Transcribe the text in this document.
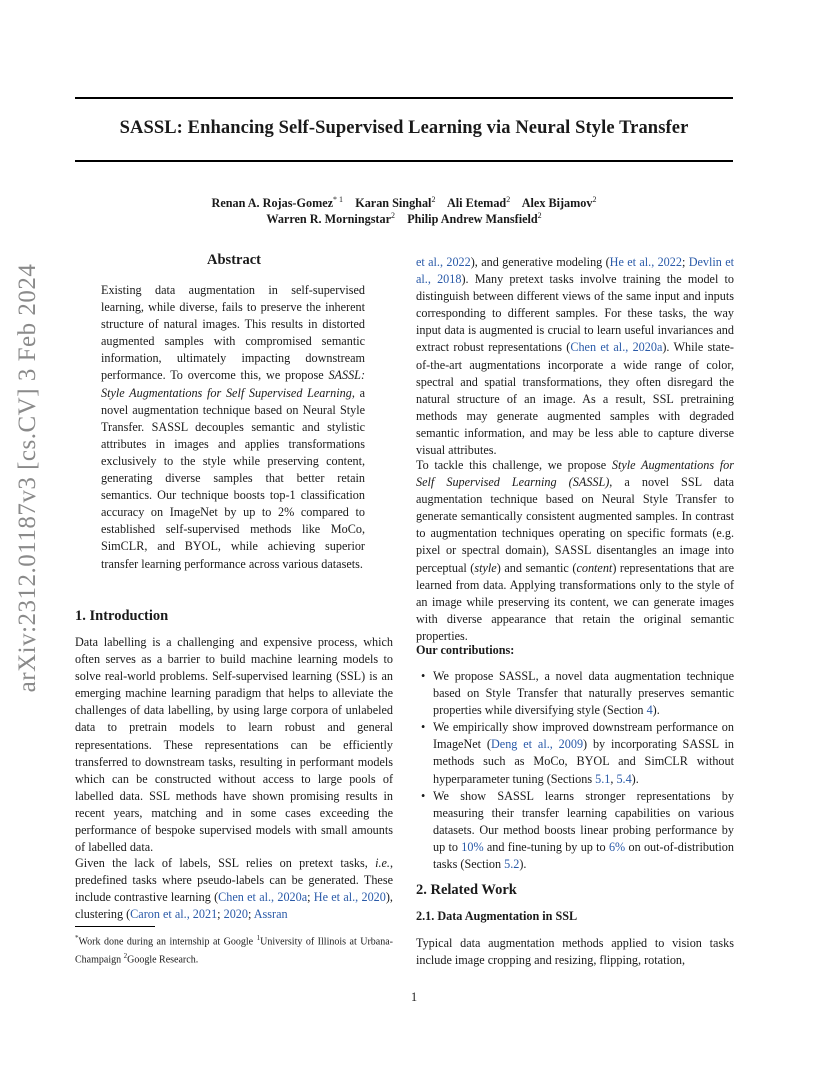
SASSL: Enhancing Self-Supervised Learning via Neural Style Transfer
Renan A. Rojas-Gomez$^{* 1}$ Karan Singhal$^2$ Ali Etemad$^2$ Alex Bijamov$^2$
Warren R. Morningstar$^2$ Philip Andrew Mansfield$^2$
arXiv:2312.01187v3 [cs.CV] 3 Feb 2024
Abstract
Existing data augmentation in self-supervised learning, while diverse, fails to preserve the inherent structure of natural images. This results in distorted augmented samples with compromised semantic information, ultimately impacting downstream performance. To overcome this, we propose SASSL: Style Augmentations for Self Supervised Learning, a novel augmentation technique based on Neural Style Transfer. SASSL decouples semantic and stylistic attributes in images and applies transformations exclusively to the style while preserving content, generating diverse samples that better retain semantics. Our technique boosts top-1 classification accuracy on ImageNet by up to 2% compared to established self-supervised methods like MoCo, SimCLR, and BYOL, while achieving superior transfer learning performance across various datasets.
1. Introduction
Data labelling is a challenging and expensive process, which often serves as a barrier to build machine learning models to solve real-world problems. Self-supervised learning (SSL) is an emerging machine learning paradigm that helps to alleviate the challenges of data labelling, by using large corpora of unlabeled data to pretrain models to learn robust and general representations. These representations can be efficiently transferred to downstream tasks, resulting in performant models which can be constructed without access to large pools of labelled data. SSL methods have shown promising results in recent years, matching and in some cases exceeding the performance of bespoke supervised models with small amounts of labelled data.
Given the lack of labels, SSL relies on pretext tasks, i.e., predefined tasks where pseudo-labels can be generated. These include contrastive learning (Chen et al., 2020a; He et al., 2020), clustering (Caron et al., 2021; 2020; Assran
*Work done during an internship at Google $^1$University of Illinois at Urbana-Champaign $^2$Google Research.
et al., 2022), and generative modeling (He et al., 2022; Devlin et al., 2018). Many pretext tasks involve training the model to distinguish between different views of the same input and inputs corresponding to different samples. For these tasks, the way input data is augmented is crucial to learn useful invariances and extract robust representations (Chen et al., 2020a). While state-of-the-art augmentations incorporate a wide range of color, spectral and spatial transformations, they often disregard the natural structure of an image. As a result, SSL pretraining methods may generate augmented samples with degraded semantic information, and may be less able to capture diverse visual attributes.
To tackle this challenge, we propose Style Augmentations for Self Supervised Learning (SASSL), a novel SSL data augmentation technique based on Neural Style Transfer to generate semantically consistent augmented samples. In contrast to augmentation techniques operating on specific formats (e.g. pixel or spectral domain), SASSL disentangles an image into perceptual (style) and semantic (content) representations that are learned from data. Applying transformations only to the style of an image while preserving its content, we can generate images with diverse appearance that retain the original semantic properties.
Our contributions:
• We propose SASSL, a novel data augmentation technique based on Style Transfer that naturally preserves semantic properties while diversifying style (Section 4).
• We empirically show improved downstream performance on ImageNet (Deng et al., 2009) by incorporating SASSL in methods such as MoCo, BYOL and SimCLR without hyperparameter tuning (Sections 5.1, 5.4).
• We show SASSL learns stronger representations by measuring their transfer learning capabilities on various datasets. Our method boosts linear probing performance by up to 10% and fine-tuning by up to 6% on out-of-distribution tasks (Section 5.2).
2. Related Work
2.1. Data Augmentation in SSL
Typical data augmentation methods applied to vision tasks include image cropping and resizing, flipping, rotation,
1
